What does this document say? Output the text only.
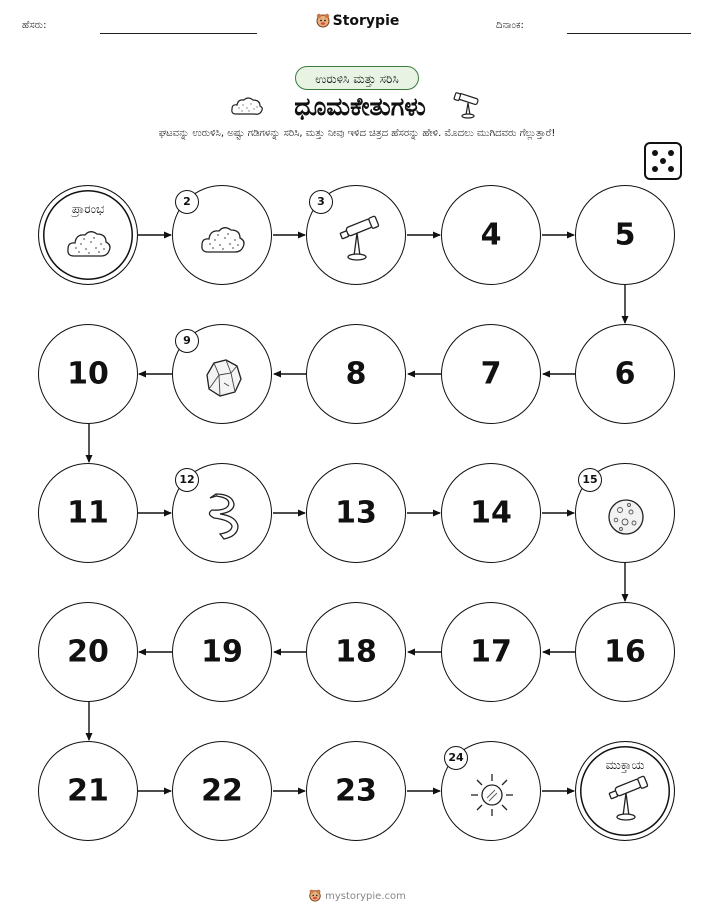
ಹೆಸರು:	Storypie	ದಿನಾಂಕ:
ಉರುಳಿಸಿ ಮತ್ತು ಸರಿಸಿ
ಧೂಮಕೇತುಗಳು
ಘಟವನ್ನು ಉರುಳಿಸಿ, ಅಷ್ಟು ಗಡಿಗಳನ್ನು ಸರಿಸಿ, ಮತ್ತು ನೀವು ಇಳಿದ ಚಿತ್ರದ ಹೆಸರನ್ನು ಹೇಳಿ. ಮೊದಲು ಮುಗಿದವರು ಗೆಲ್ಲುತ್ತಾರೆ!
ಪ್ರಾರಂಭ
2	3
4	5
10
9
8	7	6
11
12
13	14
15
20	19	18	17	16
21	22	23
24
ಮುಕ್ತಾಯ
mystorypie.com
